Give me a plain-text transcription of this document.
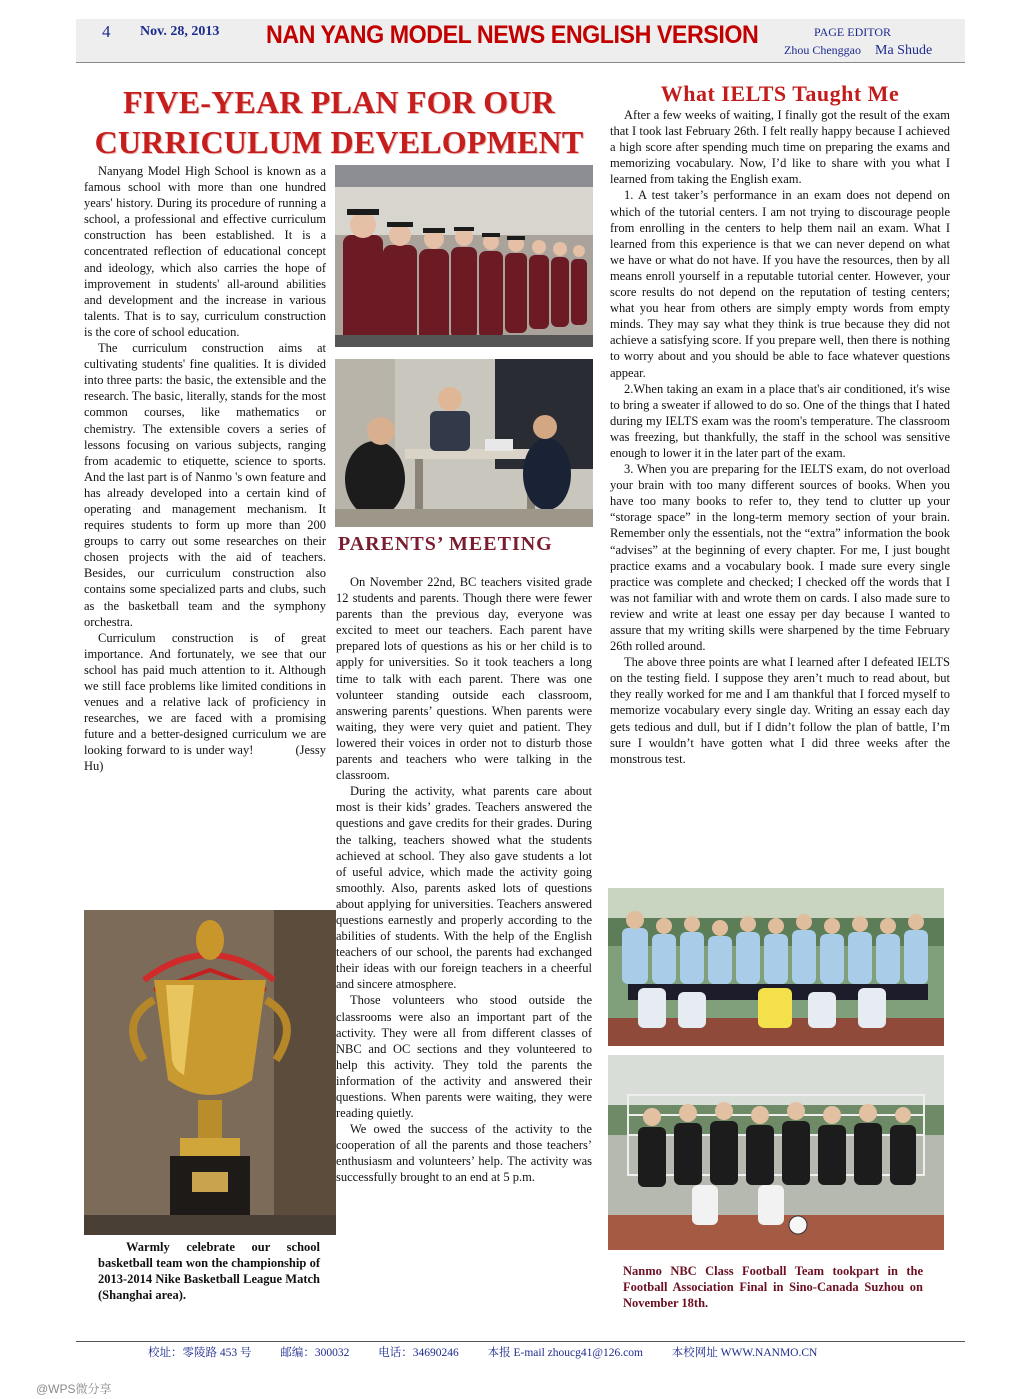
4 Nov. 28, 2013 NAN YANG MODEL NEWS ENGLISH VERSION	PAGE EDITOR
Zhou Chenggao Ma Shude
FIVE-YEAR PLAN FOR OUR
CURRICULUM DEVELOPMENT

Nanyang Model High School is known as a famous school with more than one hundred years' history. During its procedure of running a school, a professional and effective curriculum construction has been established. It is a concentrated reflection of educational concept and ideology, which also carries the hope of improvement in students' all-around abilities and development and the increase in various talents. That is to say, curriculum construction is the core of school education.

The curriculum construction aims at cultivating students' fine qualities. It is divided into three parts: the basic, the extensible and the research. The basic, literally, stands for the most common courses, like mathematics or chemistry. The extensible covers a series of lessons focusing on various subjects, ranging from academic to etiquette, science to sports. And the last part is of Nanmo 's own feature and has already developed into a certain kind of operating and management mechanism. It requires students to form up more than 200 groups to carry out some researches on their chosen projects with the aid of teachers. Besides, our curriculum construction also contains some specialized parts and clubs, such as the basketball team and the symphony orchestra.

Curriculum construction is of great importance. And fortunately, we see that our school has paid much attention to it. Although we still face problems like limited conditions in venues and a relative lack of proficiency in researches, we are faced with a promising future and a better-designed curriculum we are looking forward to is under way!	(Jessy Hu)

PARENTS’ MEETING

On November 22nd, BC teachers visited grade 12 students and parents. Though there were fewer parents than the previous day, everyone was excited to meet our teachers. Each parent have prepared lots of questions as his or her child is to apply for universities. So it took teachers a long time to talk with each parent. There was one volunteer standing outside each classroom, answering parents’ questions. When parents were waiting, they were very quiet and patient. They lowered their voices in order not to disturb those parents and teachers who were talking in the classroom.

During the activity, what parents care about most is their kids’ grades. Teachers answered the questions and gave credits for their grades. During the talking, teachers showed what the students achieved at school. They also gave students a lot of useful advice, which made the activity going smoothly. Also, parents asked lots of questions about applying for universities. Teachers answered questions earnestly and properly according to the abilities of students. With the help of the English teachers of our school, the parents had exchanged their ideas with our foreign teachers in a cheerful and sincere atmosphere.

Those volunteers who stood outside the classrooms were also an important part of the activity. They were all from different classes of NBC and OC sections and they volunteered to help this activity. They told the parents the information of the activity and answered their questions. When parents were waiting, they were reading quietly.

We owed the success of the activity to the cooperation of all the parents and those teachers’ enthusiasm and volunteers’ help. The activity was successfully brought to an end at 5 p.m.

What IELTS Taught Me

After a few weeks of waiting, I finally got the result of the exam that I took last February 26th. I felt really happy because I achieved a high score after spending much time on preparing the exams and memorizing vocabulary. Now, I’d like to share with you what I learned from taking the English exam.

1. A test taker’s performance in an exam does not depend on which of the tutorial centers. I am not trying to discourage people from enrolling in the centers to help them nail an exam. What I learned from this experience is that we can never depend on what we have or what do not have. If you have the resources, then by all means enroll yourself in a reputable tutorial center. However, your score results do not depend on the reputation of testing centers; what you hear from others are simply empty words from empty minds. They may say what they think is true because they did not achieve a satisfying score. If you prepare well, then there is nothing to worry about and you should be able to face whatever questions appear.

2.When taking an exam in a place that's air conditioned, it's wise to bring a sweater if allowed to do so. One of the things that I hated during my IELTS exam was the room's temperature. The classroom was freezing, but thankfully, the staff in the school was sensitive enough to lower it in the later part of the exam.

3. When you are preparing for the IELTS exam, do not overload your brain with too many different sources of books. When you have too many books to refer to, they tend to clutter up your “storage space” in the long-term memory section of your brain. Remember only the essentials, not the “extra” information the book “advises” at the beginning of every chapter. For me, I just bought practice exams and a vocabulary book. I made sure every single practice was complete and checked; I checked off the words that I was not familiar with and wrote them on cards. I also made sure to review and write at least one essay per day because I wanted to assure that my writing skills were sharpened by the time February 26th rolled around.

The above three points are what I learned after I defeated IELTS on the testing field. I suppose they aren’t much to read about, but they really worked for me and I am thankful that I forced myself to memorize vocabulary every single day. Writing an essay each day gets tedious and dull, but if I didn’t follow the plan of battle, I’m sure I wouldn’t have gotten what I did three weeks after the monstrous test.

Warmly celebrate our school basketball team won the championship of 2013-2014 Nike Basketball League Match (Shanghai area).
Nanmo NBC Class Football Team tookpart in the Football Association Final in Sino-Canada Suzhou on November 18th.
校址：零陵路 453 号	邮编：300032	电话：34690246	本报 E-mail zhoucg41@126.com	本校网址 WWW.NANMO.CN
@WPS微分享
